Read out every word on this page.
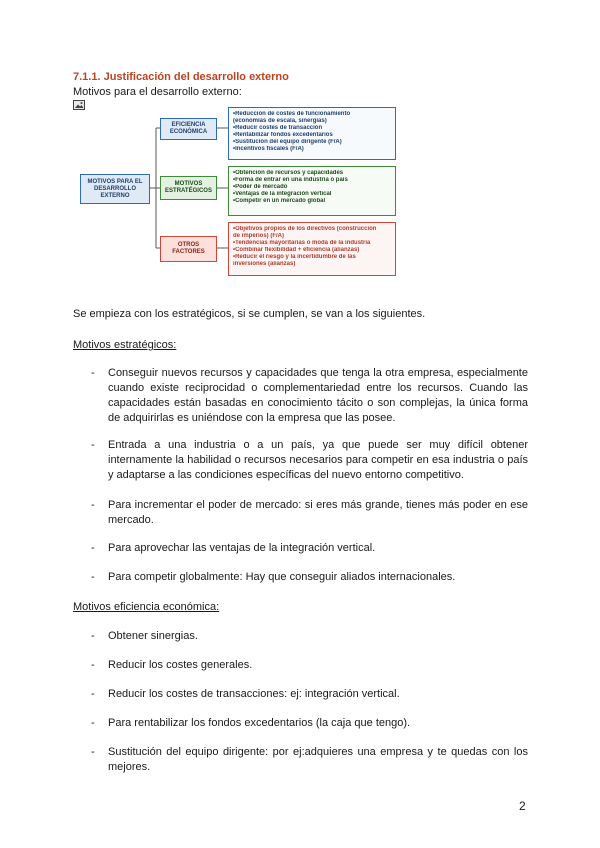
7.1.1. Justificación del desarrollo externo
Motivos para el desarrollo externo:
MOTIVOS PARA EL DESARROLLO EXTERNO
EFICIENCIA ECONÓMICA
MOTIVOS ESTRATÉGICOS
OTROS FACTORES
•Reducción de costes de funcionamiento
(economías de escala, sinergias)
•Reducir costes de transacción
•Rentabilizar fondos excedentarios
•Sustitución del equipo dirigente (F/A)
•Incentivos fiscales (F/A)
•Obtención de recursos y capacidades
•Forma de entrar en una industria o país
•Poder de mercado
•Ventajas de la integración vertical
•Competir en un mercado global
•Objetivos propios de los directivos (construcción
de imperios) (F/A)
•Tendencias mayoritarias o moda de la industria
•Combinar flexibilidad + eficiencia (alianzas)
•Reducir el riesgo y la incertidumbre de las
inversiones (alianzas)
Se empieza con los estratégicos, si se cumplen, se van a los siguientes.
Motivos estratégicos:
- Conseguir nuevos recursos y capacidades que tenga la otra empresa, especialmente cuando existe reciprocidad o complementariedad entre los recursos. Cuando las capacidades están basadas en conocimiento tácito o son complejas, la única forma de adquirirlas es uniéndose con la empresa que las posee.
- Entrada a una industria o a un país, ya que puede ser muy difícil obtener internamente la habilidad o recursos necesarios para competir en esa industria o país y adaptarse a las condiciones específicas del nuevo entorno competitivo.
- Para incrementar el poder de mercado: si eres más grande, tienes más poder en ese mercado.
- Para aprovechar las ventajas de la integración vertical.
- Para competir globalmente: Hay que conseguir aliados internacionales.
Motivos eficiencia económica:
- Obtener sinergias.
- Reducir los costes generales.
- Reducir los costes de transacciones: ej: integración vertical.
- Para rentabilizar los fondos excedentarios (la caja que tengo).
- Sustitución del equipo dirigente: por ej:adquieres una empresa y te quedas con los mejores.
2
